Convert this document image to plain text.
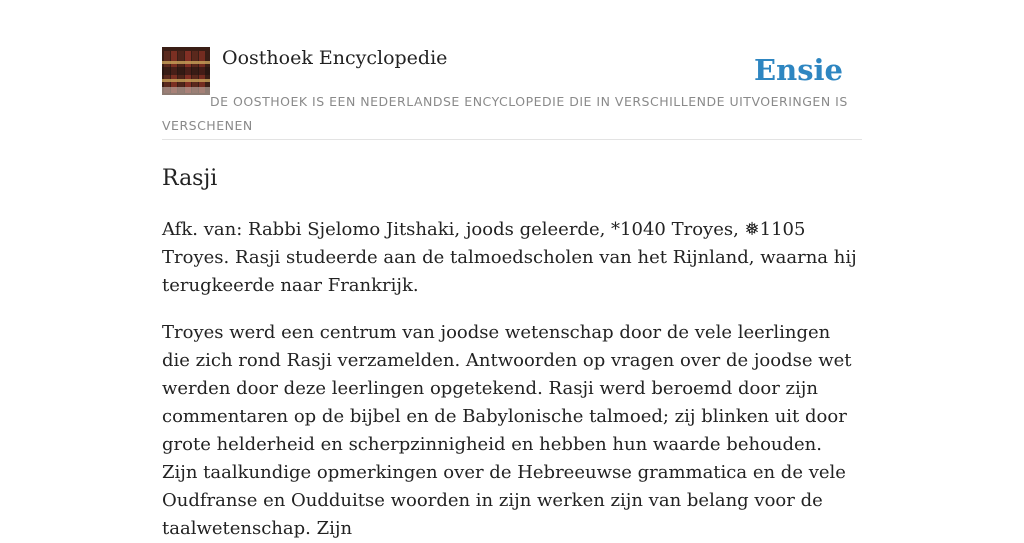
Oosthoek Encyclopedie	Ensie
DE OOSTHOEK IS EEN NEDERLANDSE ENCYCLOPEDIE DIE IN VERSCHILLENDE UITVOERINGEN IS VERSCHENEN
Rasji

Afk. van: Rabbi Sjelomo Jitshaki, joods geleerde, *1040 Troyes, ❅1105 Troyes. Rasji studeerde aan de talmoedscholen van het Rijnland, waarna hij terugkeerde naar Frankrijk.

Troyes werd een centrum van joodse wetenschap door de vele leerlingen die zich rond Rasji verzamelden. Antwoorden op vragen over de joodse wet werden door deze leerlingen opgetekend. Rasji werd beroemd door zijn commentaren op de bijbel en de Babylonische talmoed; zij blinken uit door grote helderheid en scherpzinnigheid en hebben hun waarde behouden. Zijn taalkundige opmerkingen over de Hebreeuwse grammatica en de vele Oudfranse en Oudduitse woorden in zijn werken zijn van belang voor de taalwetenschap. Zijn
